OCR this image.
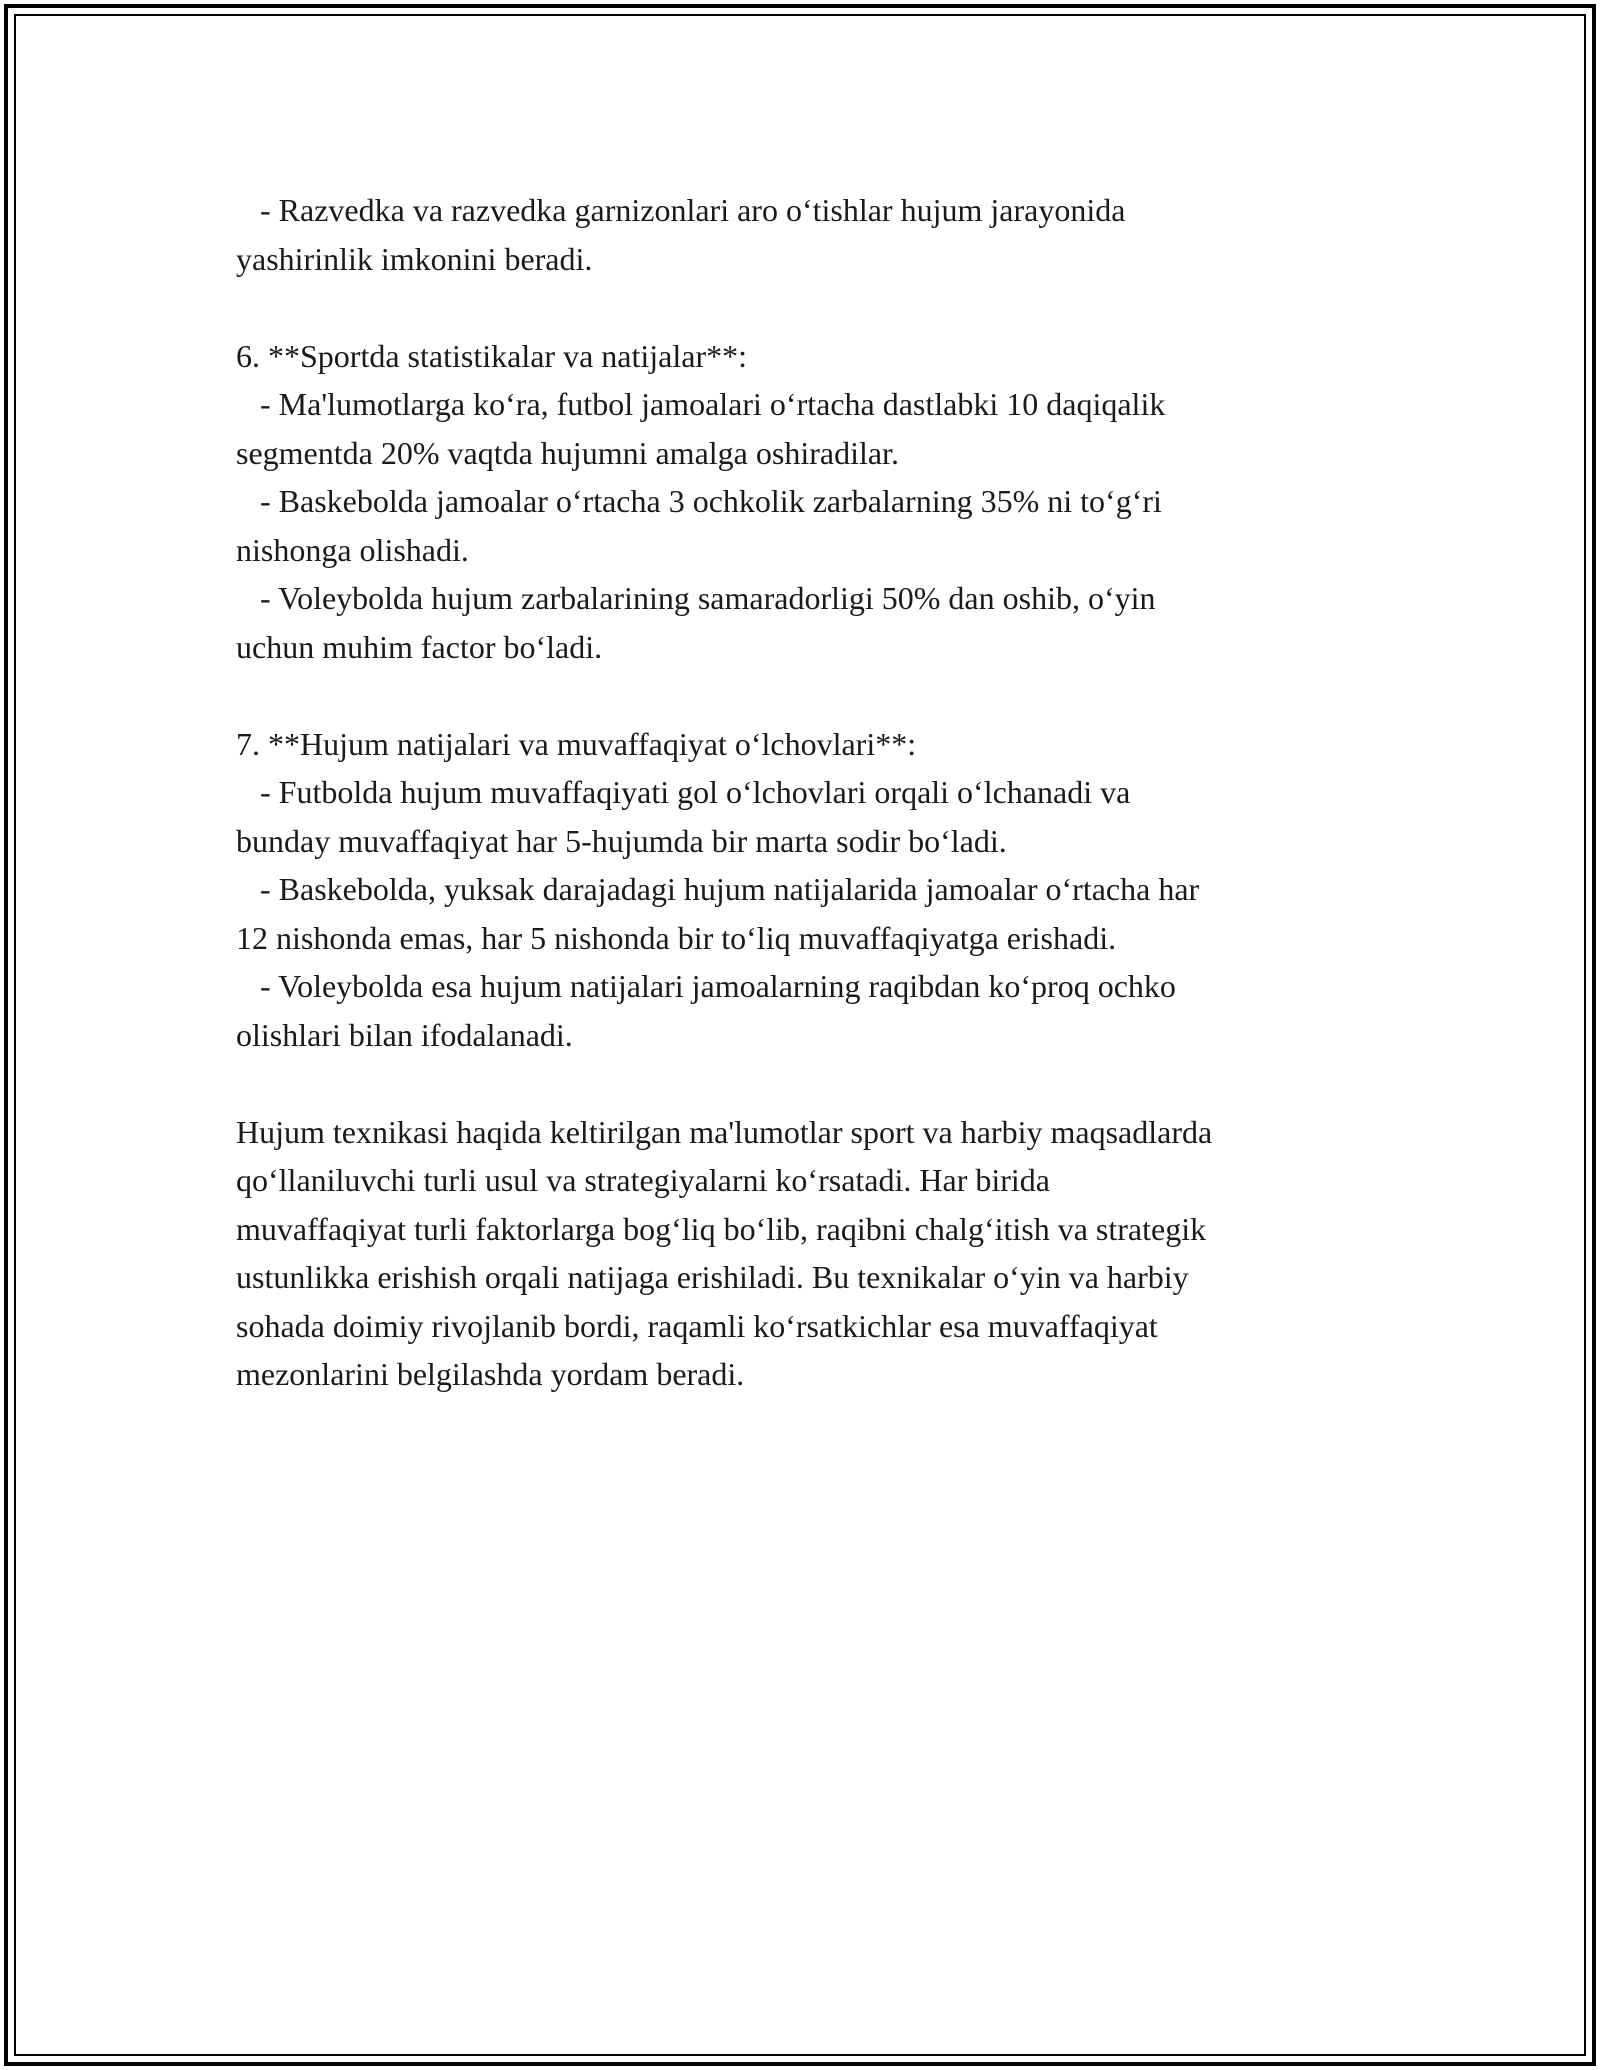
- Razvedka va razvedka garnizonlari aro oʻtishlar hujum jarayonida
yashirinlik imkonini beradi.
6. **Sportda statistikalar va natijalar**:
- Ma'lumotlarga koʻra, futbol jamoalari oʻrtacha dastlabki 10 daqiqalik
segmentda 20% vaqtda hujumni amalga oshiradilar.
- Baskebolda jamoalar oʻrtacha 3 ochkolik zarbalarning 35% ni toʻgʻri
nishonga olishadi.
- Voleybolda hujum zarbalarining samaradorligi 50% dan oshib, oʻyin
uchun muhim factor boʻladi.
7. **Hujum natijalari va muvaffaqiyat oʻlchovlari**:
- Futbolda hujum muvaffaqiyati gol oʻlchovlari orqali oʻlchanadi va
bunday muvaffaqiyat har 5-hujumda bir marta sodir boʻladi.
- Baskebolda, yuksak darajadagi hujum natijalarida jamoalar oʻrtacha har
12 nishonda emas, har 5 nishonda bir toʻliq muvaffaqiyatga erishadi.
- Voleybolda esa hujum natijalari jamoalarning raqibdan koʻproq ochko
olishlari bilan ifodalanadi.
Hujum texnikasi haqida keltirilgan ma'lumotlar sport va harbiy maqsadlarda
qoʻllaniluvchi turli usul va strategiyalarni koʻrsatadi. Har birida
muvaffaqiyat turli faktorlarga bogʻliq boʻlib, raqibni chalgʻitish va strategik
ustunlikka erishish orqali natijaga erishiladi. Bu texnikalar oʻyin va harbiy
sohada doimiy rivojlanib bordi, raqamli koʻrsatkichlar esa muvaffaqiyat
mezonlarini belgilashda yordam beradi.
